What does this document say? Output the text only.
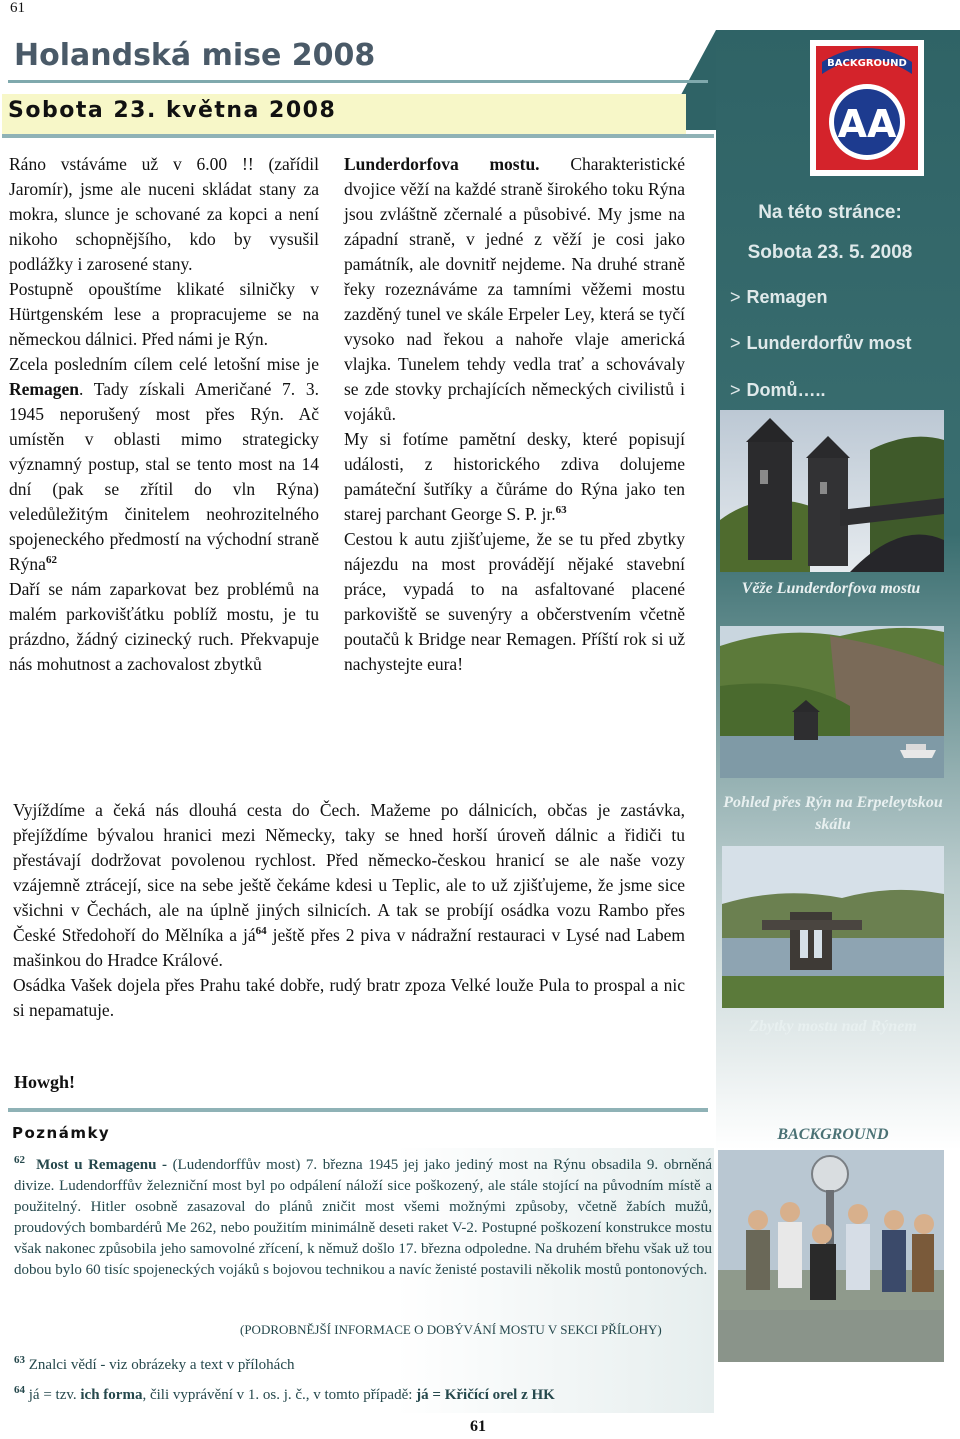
61
Holandská mise 2008
Sobota 23. května 2008

Ráno vstáváme už v 6.00 !! (zařídil Jaromír), jsme ale nuceni skládat stany za mokra, slunce je schované za kopci a není nikoho schopnějšího, kdo by vysušil podlážky i zarosené stany.

Postupně opouštíme klikaté silničky v Hürtgenském lese a propracujeme se na německou dálnici. Před námi je Rýn.

Zcela posledním cílem celé letošní mise je Remagen. Tady získali Američané 7. 3. 1945 neporušený most přes Rýn. Ač umístěn v oblasti mimo strategicky významný postup, stal se tento most na 14 dní (pak se zřítil do vln Rýna) veledůležitým činitelem neohrozitelného spojeneckého předmostí na východní straně Rýna$^{62}$

Daří se nám zaparkovat bez problémů na malém parkovišťátku poblíž mostu, je tu prázdno, žádný cizinecký ruch. Překvapuje nás mohutnost a zachovalost zbytků

Lunderdorfova mostu. Charakteristické dvojice věží na každé straně širokého toku Rýna jsou zvláštně zčernalé a působivé. My jsme na západní straně, v jedné z věží je cosi jako památník, ale dovnitř nejdeme. Na druhé straně řeky rozeznáváme za tamními věžemi mostu zazděný tunel ve skále Erpeler Ley, která se tyčí vysoko nad řekou a nahoře vlaje americká vlajka. Tunelem tehdy vedla trať a schovávaly se zde stovky prchajících německých civilistů i vojáků.

My si fotíme pamětní desky, které popisují události, z historického zdiva dolujeme památeční šutříky a čůráme do Rýna jako ten starej parchant George S. P. jr.$^{63}$

Cestou k autu zjišťujeme, že se tu před zbytky nájezdu na most provádějí nějaké stavební práce, vypadá to na asfaltované placené parkoviště se suvenýry a občerstvením včetně poutačů k Bridge near Remagen. Příští rok si už nachystejte eura!

Vyjíždíme a čeká nás dlouhá cesta do Čech. Mažeme po dálnicích, občas je zastávka, přejíždíme bývalou hranici mezi Německy, taky se hned horší úroveň dálnic a řidiči tu přestávají dodržovat povolenou rychlost. Před německo-českou hranicí se ale naše vozy vzájemně ztrácejí, sice na sebe ještě čekáme kdesi u Teplic, ale to už zjišťujeme, že jsme sice všichni v Čechách, ale na úplně jiných silnicích. A tak se probíjí osádka vozu Rambo přes České Středohoří do Mělníka a $já^{64}$ ještě přes 2 piva v nádražní restauraci v Lysé nad Labem mašinkou do Hradce Králové.

Osádka Vašek dojela přes Prahu také dobře, rudý bratr zpoza Velké louže Pula to prospal a nic si nepamatuje.

Howgh!
Poznámky
$^{62}$ Most u Remagenu - (Ludendorffův most) 7. března 1945 jej jako jediný most na Rýnu obsadila 9. obrněná divize. Ludendorffův železniční most byl po odpálení náloží sice poškozený, ale stále stojící na původním místě a použitelný. Hitler osobně zasazoval do plánů zničit most všemi možnými způsoby, včetně žabích mužů, proudových bombardérů Me 262, nebo použitím minimálně deseti raket V-2. Postupné poškození konstrukce mostu však nakonec způsobila jeho samovolné zřícení, k němuž došlo 17. března odpoledne. Na druhém břehu však už tou dobou bylo 60 tisíc spojeneckých vojáků s bojovou technikou a navíc ženisté postavili několik mostů pontonových.
(PODROBNĚJŠÍ INFORMACE O DOBÝVÁNÍ MOSTU V SEKCI PŘÍLOHY)
$^{63}$ Znalci vědí - viz obrázeky a text v přílohách
$^{64}$ já = tzv. ich forma, čili vyprávění v 1. os. j. č., v tomto případě: já = Křičící orel z HK
61
BACKGROUND
AA
Na této stránce:
Sobota 23. 5. 2008
> Remagen
> Lunderdorfův most
> Domů…..
Věže Lunderdorfova mostu
Pohled přes Rýn na Erpeleytskou skálu
Zbytky mostu nad Rýnem
BACKGROUND
